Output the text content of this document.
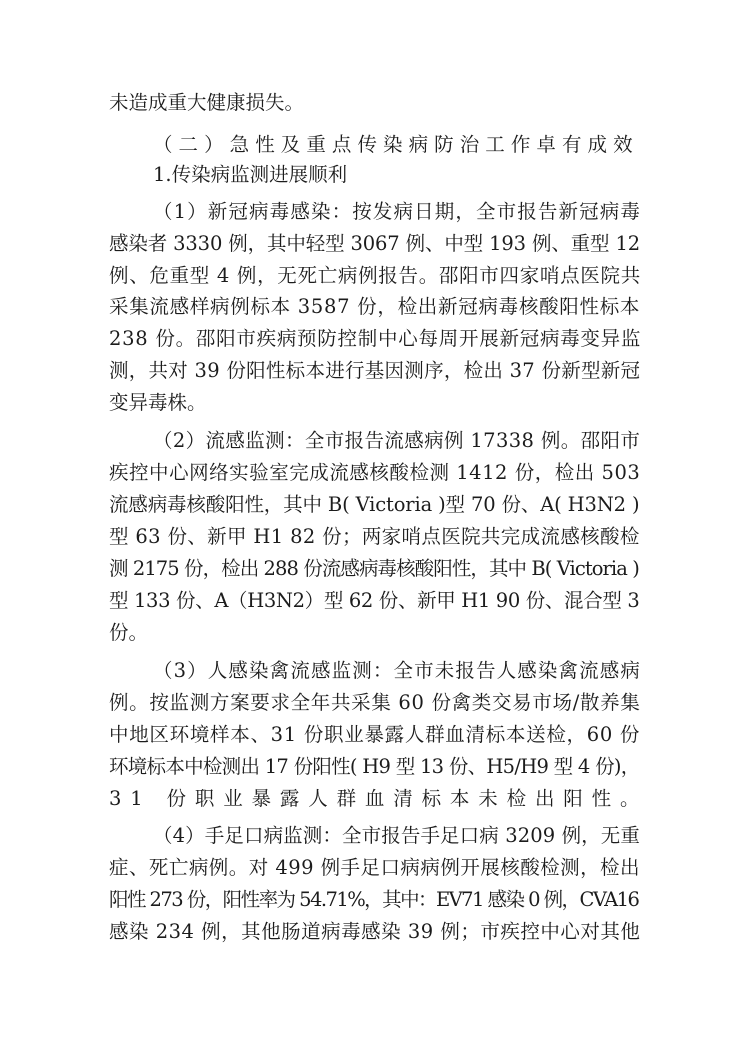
未造成重大健康损失。
（二）急性及重点传染病防治工作卓有成效
1.传染病监测进展顺利
（1）新冠病毒感染：按发病日期，全市报告新冠病毒
感染者 3330 例，其中轻型 3067 例、中型 193 例、重型 12
例、危重型 4 例，无死亡病例报告。邵阳市四家哨点医院共
采集流感样病例标本 3587 份，检出新冠病毒核酸阳性标本
238 份。邵阳市疾病预防控制中心每周开展新冠病毒变异监
测，共对 39 份阳性标本进行基因测序，检出 37 份新型新冠
变异毒株。
（2）流感监测：全市报告流感病例 17338 例。邵阳市
疾控中心网络实验室完成流感核酸检测 1412 份，检出 503
流感病毒核酸阳性，其中 B( Victoria )型 70 份、A( H3N2 )
型 63 份、新甲 H1 82 份；两家哨点医院共完成流感核酸检
测 2175 份，检出 288 份流感病毒核酸阳性，其中 B( Victoria )
型 133 份、A（H3N2）型 62 份、新甲 H1 90 份、混合型 3
份。
（3）人感染禽流感监测：全市未报告人感染禽流感病
例。按监测方案要求全年共采集 60 份禽类交易市场/散养集
中地区环境样本、31 份职业暴露人群血清标本送检，60 份
环境标本中检测出 17 份阳性( H9 型 13 份、H5/H9 型 4 份)，
31 份职业暴露人群血清标本未检出阳性。
（4）手足口病监测：全市报告手足口病 3209 例，无重
症、死亡病例。对 499 例手足口病病例开展核酸检测，检出
阳性 273 份，阳性率为 54.71%，其中：EV71 感染 0 例，CVA16
感染 234 例，其他肠道病毒感染 39 例；市疾控中心对其他
